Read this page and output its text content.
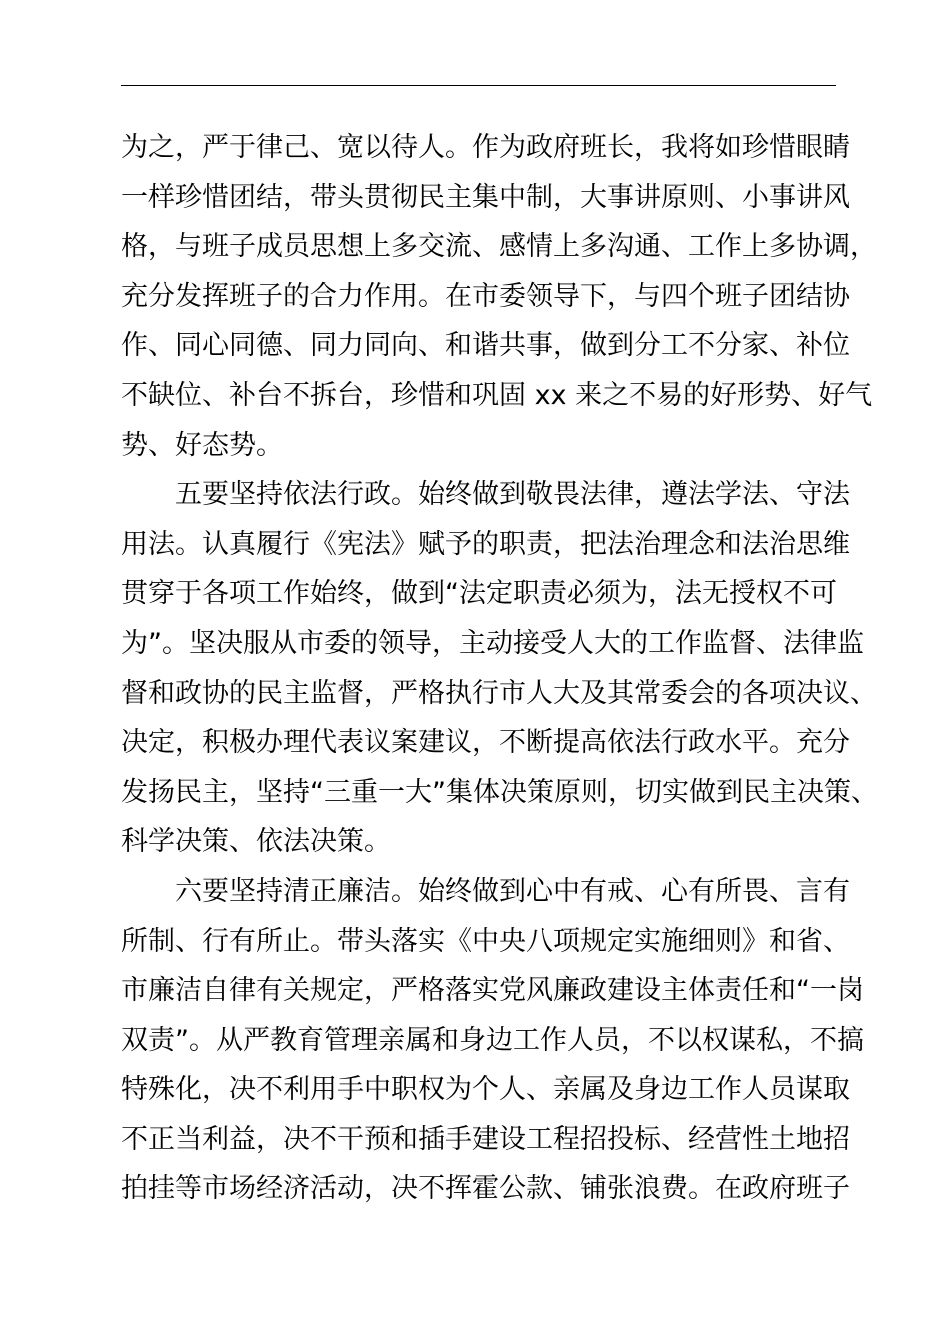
为之，严于律己、宽以待人。作为政府班长，我将如珍惜眼睛
一样珍惜团结，带头贯彻民主集中制，大事讲原则、小事讲风
格，与班子成员思想上多交流、感情上多沟通、工作上多协调，
充分发挥班子的合力作用。在市委领导下，与四个班子团结协
作、同心同德、同力同向、和谐共事，做到分工不分家、补位
不缺位、补台不拆台，珍惜和巩固 xx 来之不易的好形势、好气
势、好态势。
五要坚持依法行政。始终做到敬畏法律，遵法学法、守法
用法。认真履行《宪法》赋予的职责，把法治理念和法治思维
贯穿于各项工作始终，做到“法定职责必须为，法无授权不可
为”。坚决服从市委的领导，主动接受人大的工作监督、法律监
督和政协的民主监督，严格执行市人大及其常委会的各项决议、
决定，积极办理代表议案建议，不断提高依法行政水平。充分
发扬民主，坚持“三重一大”集体决策原则，切实做到民主决策、
科学决策、依法决策。
六要坚持清正廉洁。始终做到心中有戒、心有所畏、言有
所制、行有所止。带头落实《中央八项规定实施细则》和省、
市廉洁自律有关规定，严格落实党风廉政建设主体责任和“一岗
双责”。从严教育管理亲属和身边工作人员，不以权谋私，不搞
特殊化，决不利用手中职权为个人、亲属及身边工作人员谋取
不正当利益，决不干预和插手建设工程招投标、经营性土地招
拍挂等市场经济活动，决不挥霍公款、铺张浪费。在政府班子
